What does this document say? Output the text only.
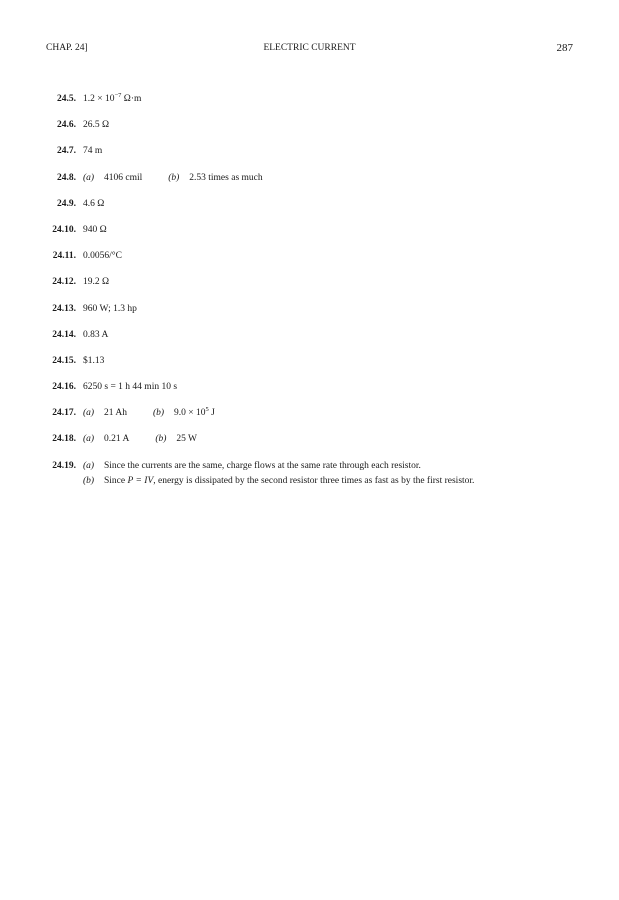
CHAP. 24]	ELECTRIC CURRENT	287
24.5. $1.2 \times 10^{-7}$ Ω·m
24.6. 26.5 Ω
24.7. 74 m
24.8. (a) 4106 cmil	(b) 2.53 times as much
24.9. 4.6 Ω
24.10. 940 Ω
24.11. 0.0056/°C
24.12. 19.2 Ω
24.13. 960 W; 1.3 hp
24.14. 0.83 A
24.15. $1.13
24.16. 6250 s = 1 h 44 min 10 s
24.17. (a) 21 Ah	(b) $9.0 \times 10^5$ J
24.18. (a) 0.21 A	(b) 25 W
24.19. (a) Since the currents are the same, charge flows at the same rate through each resistor.
(b) Since P = IV, energy is dissipated by the second resistor three times as fast as by the first resistor.
